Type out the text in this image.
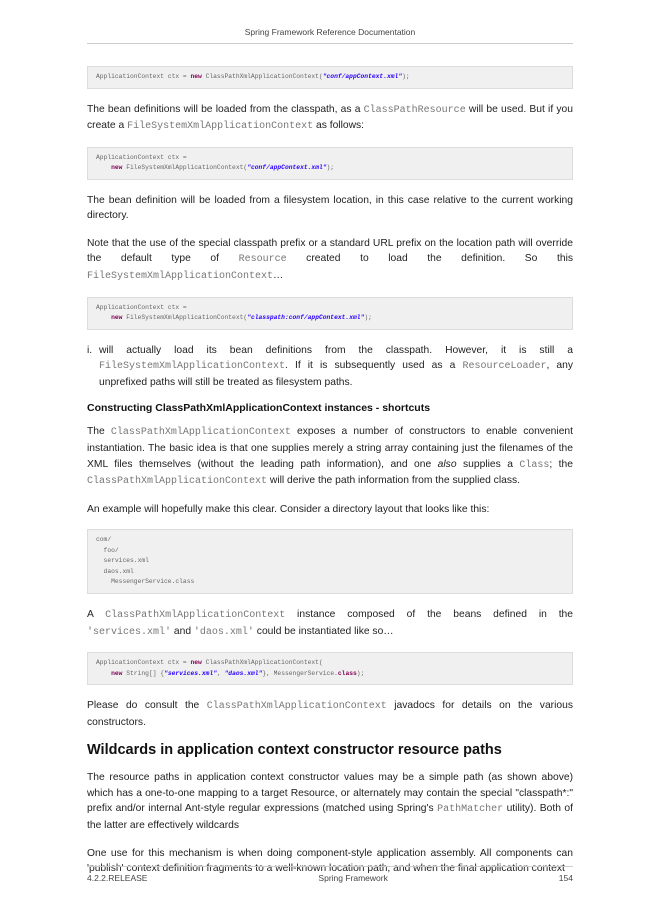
Spring Framework Reference Documentation
ApplicationContext ctx = new ClassPathXmlApplicationContext("conf/appContext.xml");

The bean definitions will be loaded from the classpath, as a ClassPathResource will be used. But if you create a FileSystemXmlApplicationContext as follows:

ApplicationContext ctx =
new FileSystemXmlApplicationContext("conf/appContext.xml");

The bean definition will be loaded from a filesystem location, in this case relative to the current working directory.

Note that the use of the special classpath prefix or a standard URL prefix on the location path will override the default type of Resource created to load the definition. So this FileSystemXmlApplicationContext…

ApplicationContext ctx =
new FileSystemXmlApplicationContext("classpath:conf/appContext.xml");
i. will actually load its bean definitions from the classpath. However, it is still a FileSystemXmlApplicationContext. If it is subsequently used as a ResourceLoader, any unprefixed paths will still be treated as filesystem paths.

Constructing ClassPathXmlApplicationContext instances - shortcuts

The ClassPathXmlApplicationContext exposes a number of constructors to enable convenient instantiation. The basic idea is that one supplies merely a string array containing just the filenames of the XML files themselves (without the leading path information), and one also supplies a Class; the ClassPathXmlApplicationContext will derive the path information from the supplied class.

An example will hopefully make this clear. Consider a directory layout that looks like this:

com/
foo/
services.xml
daos.xml
MessengerService.class

A ClassPathXmlApplicationContext instance composed of the beans defined in the 'services.xml' and 'daos.xml' could be instantiated like so…

ApplicationContext ctx = new ClassPathXmlApplicationContext(
new String[] {"services.xml", "daos.xml"}, MessengerService.class);

Please do consult the ClassPathXmlApplicationContext javadocs for details on the various constructors.

Wildcards in application context constructor resource paths

The resource paths in application context constructor values may be a simple path (as shown above) which has a one-to-one mapping to a target Resource, or alternately may contain the special "classpath*:" prefix and/or internal Ant-style regular expressions (matched using Spring's PathMatcher utility). Both of the latter are effectively wildcards

One use for this mechanism is when doing component-style application assembly. All components can 'publish' context definition fragments to a well-known location path, and when the final application context

4.2.2.RELEASE	Spring Framework	154
